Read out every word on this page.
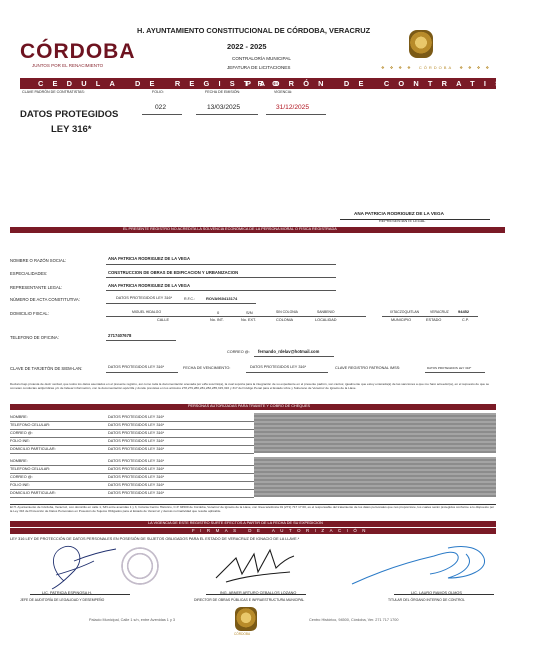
CÓRDOBA
JUNTOS POR EL RENACIMIENTO
H. AYUNTAMIENTO CONSTITUCIONAL DE CÓRDOBA, VERACRUZ
2022 - 2025
CONTRALORÍA MUNICIPAL
JEFATURA DE LICITACIONES	❖ ❖ ❖ ❖  CÓRDOBA  ❖ ❖ ❖ ❖
CEDULA DE REGISTRO
PADRÓN DE CONTRATISTAS
CLAVE PADRÓN DE CONTRATISTAS:	FOLIO:	FECHA DE EMISIÓN:	VIGENCIA:
DATOS PROTEGIDOS
LEY 316*
022	13/03/2025	31/12/2025
ANA PATRICIA RODRIGUEZ DE LA VEGA
REPRESENTANTE LEGAL
EL PRESENTE REGISTRO NO ACREDITA LA SOLVENCIA ECONÓMICA DE LA PERSONA MORAL O FISICA REGISTRADA
NOMBRE O RAZÓN SOCIAL:	ANA PATRICIA RODRIGUEZ DE LA VEGA
ESPECIALIDADES:	CONSTRUCCION DE OBRAS DE EDIFICACION Y URBANIZACION
REPRESENTANTE LEGAL:	ANA PATRICIA RODRIGUEZ DE LA VEGA
NÚMERO DE ACTA CONSTITUTIVA:	DATOS PROTEGIDOS LEY 316*	R.F.C.:	ROVA960413174
DOMICILIO FISCAL:	MIGUEL HIDALGO	0	S/N	SIN COLONIA	SANBENIO	IXTACZOQUITLAN	VERACRUZ 94452
CALLE	No. INT.	No. EXT.	COLONIA	LOCALIDAD	MUNICIPIO	ESTADO	C.P.
TELEFONO DE OFICINA:	2717407678
CORREO @: fernando_rdelav@hotmail.com
CLAVE DE TARJETÓN DE SIEM-LAN:	DATOS PROTEGIDOS LEY 316*	FECHA DE VENCIMIENTO:	DATOS PROTEGIDOS LEY 316*	CLAVE REGISTRO PATRONAL IMSS:	DATOS PROTEGIDOS LEY 316*
Declaro bajo protesta de decir verdad, que todos los datos asentados en el presente registro, así como toda la documentación anexada por el/la suscrito(a), la cual soporta para la integración de su expediente en el presente padrón, son ciertos; igualmente que estoy enterado(a) de las sanciones a que me haré acreedor(a), en el supuesto de que se cometan conductas antijurídicas y/o de falsear información, con la documentación apócrifa y donde previstas en los artículos 278,279,280,281,282,285,315,316 y 317 del Código Penal para el Estado Libre y Soberano de Veracruz de Ignacio de la Llave.
PERSONAS AUTORIZADAS PARA TRAMITE Y COBRO DE CHEQUES
NOMBRE:	DATOS PROTEGIDOS LEY 316*
TELEFONO CELULAR:	DATOS PROTEGIDOS LEY 316*
CORREO @:	DATOS PROTEGIDOS LEY 316*
FOLIO INE:	DATOS PROTEGIDOS LEY 316*
DOMICILIO PARTICULAR:	DATOS PROTEGIDOS LEY 316*
NOMBRE:	DATOS PROTEGIDOS LEY 316*
TELEFONO CELULAR:	DATOS PROTEGIDOS LEY 316*
CORREO @:	DATOS PROTEGIDOS LEY 316*
FOLIO INE:	DATOS PROTEGIDOS LEY 316*
DOMICILIO PARTICULAR:	DATOS PROTEGIDOS LEY 316*
El H. Ayuntamiento de Córdoba, Veracruz, con domicilio en calle 1, S/N entre avenidas 1 y 3, Colonia Centro Histórico, C.P. 94500 de Córdoba, Veracruz de Ignacio de la Llave, con línea telefónica 01 (271) 717 17 00, es el responsable del tratamiento de los datos personales que nos proporcione, los cuales serán protegidos conforme a lo dispuesto por la Ley 316 de Protección de Datos Personales en Posesión de Sujetos Obligados para el Estado de Veracruz y demás normatividad que resulte aplicable.
LA VIGENCIA DE ESTE REGISTRO SURTE EFECTOS A PARTIR DE LA FECHA DE SU EXPEDICION
FIRMAS DE AUTORIZACIÓN
LEY 316 LEY DE PROTECCIÓN DE DATOS PERSONALES EN POSESIÓN DE SUJETOS OBLIGADOS PARA EL ESTADO DE VERACRUZ DE IGNACIO DE LA LLAVE.*
LIC. PATRICIA ESPINOSA H.
JEFE DE AUDITORÍA DE LEGALIDAD Y DESEMPEÑO
ING. ABNER ARTURO CEBALLOS LOZANO
DIRECTOR DE OBRAS PÚBLICAS E INFRAESTRUCTURA MUNICIPAL
LIC. LAURO RAMOS OLMOS
TITULAR DEL ÓRGANO INTERNO DE CONTROL
Palacio Municipal, Calle 1 s/n, entre Avenidas 1 y 3	Centro Histórico, 94500, Córdoba, Ver. 271 717 1700
CÓRDOBA
